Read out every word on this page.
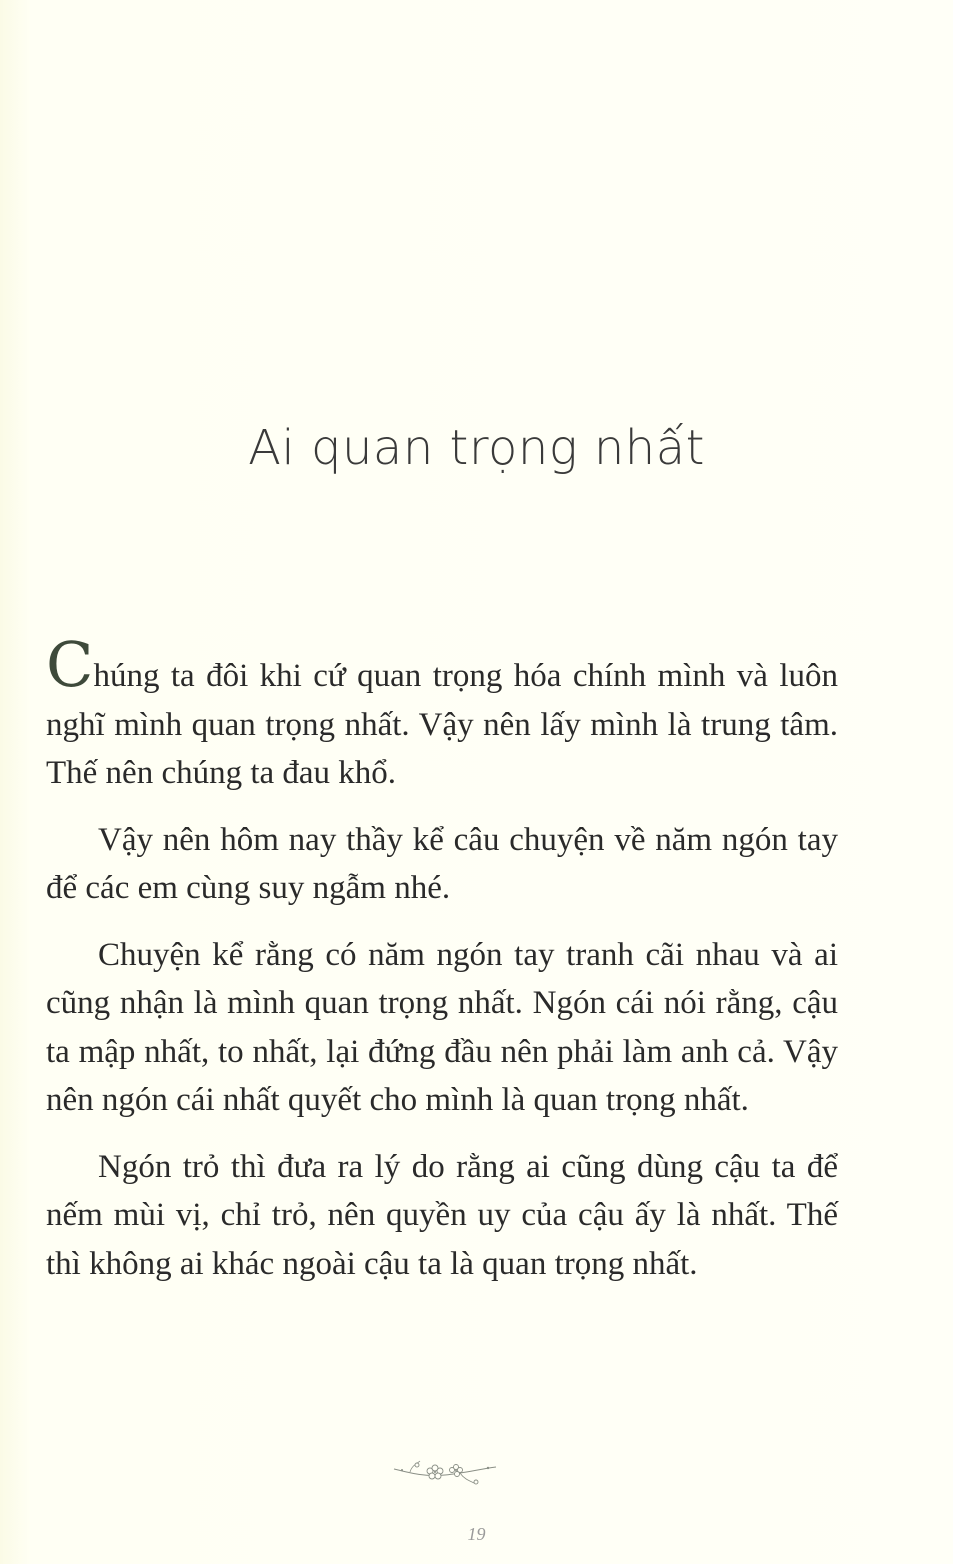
Ai quan trọng nhất

Chúng ta đôi khi cứ quan trọng hóa chính mình và luôn nghĩ mình quan trọng nhất. Vậy nên lấy mình là trung tâm. Thế nên chúng ta đau khổ.

Vậy nên hôm nay thầy kể câu chuyện về năm ngón tay để các em cùng suy ngẫm nhé.

Chuyện kể rằng có năm ngón tay tranh cãi nhau và ai cũng nhận là mình quan trọng nhất. Ngón cái nói rằng, cậu ta mập nhất, to nhất, lại đứng đầu nên phải làm anh cả. Vậy nên ngón cái nhất quyết cho mình là quan trọng nhất.

Ngón trỏ thì đưa ra lý do rằng ai cũng dùng cậu ta để nếm mùi vị, chỉ trỏ, nên quyền uy của cậu ấy là nhất. Thế thì không ai khác ngoài cậu ta là quan trọng nhất.

19
